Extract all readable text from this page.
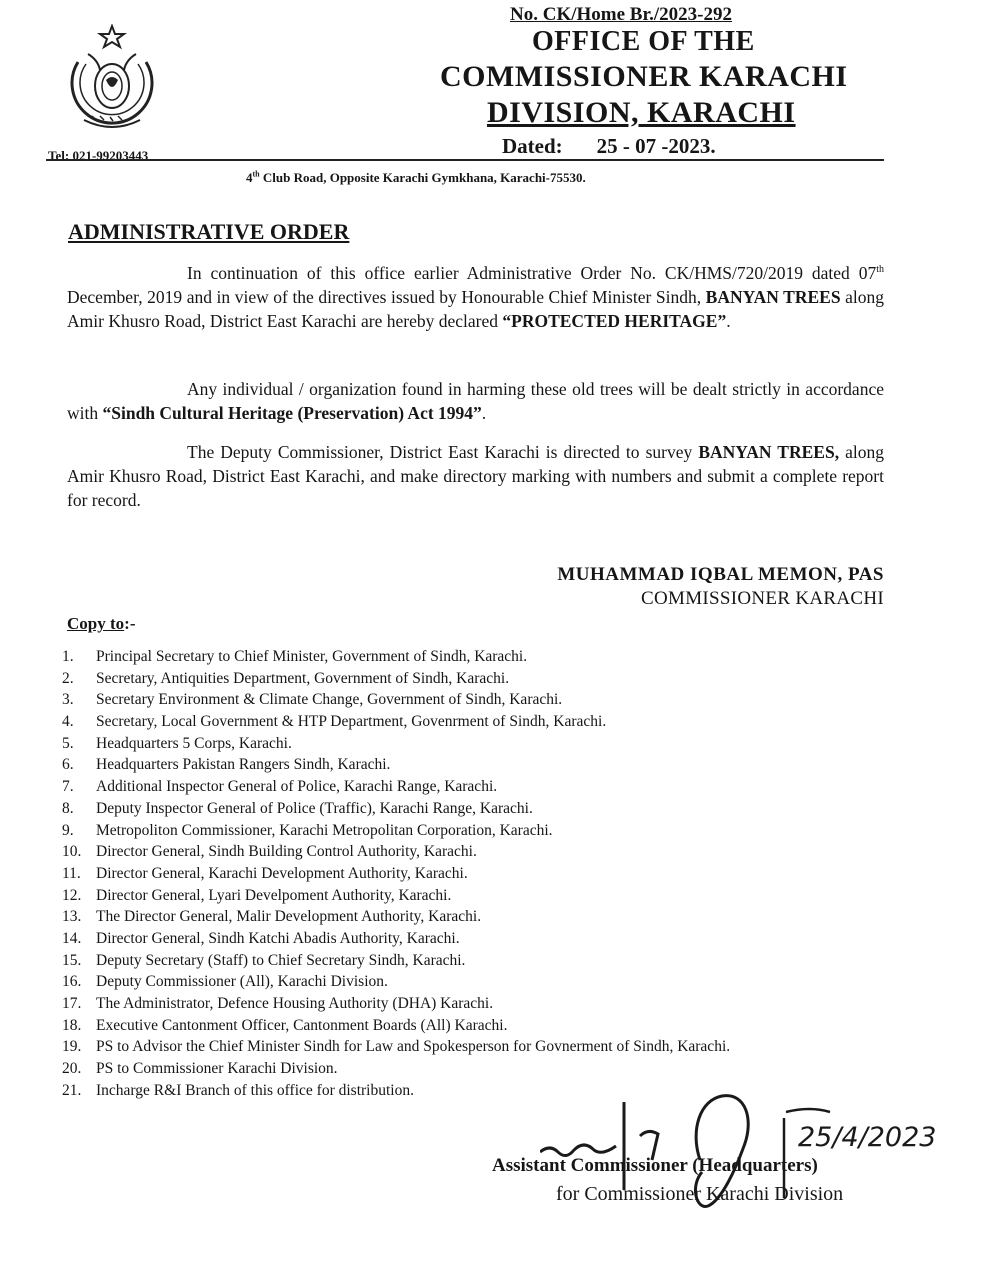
No. CK/Home Br./2023-292
OFFICE OF THE
COMMISSIONER KARACHI
DIVISION, KARACHI
Dated: 25 - 07 -2023.
Tel: 021-99203443
4th Club Road, Opposite Karachi Gymkhana, Karachi-75530.
ADMINISTRATIVE ORDER
In continuation of this office earlier Administrative Order No. CK/HMS/720/2019 dated 07th December, 2019 and in view of the directives issued by Honourable Chief Minister Sindh, BANYAN TREES along Amir Khusro Road, District East Karachi are hereby declared “PROTECTED HERITAGE”.
Any individual / organization found in harming these old trees will be dealt strictly in accordance with “Sindh Cultural Heritage (Preservation) Act 1994”.
The Deputy Commissioner, District East Karachi is directed to survey BANYAN TREES, along Amir Khusro Road, District East Karachi, and make directory marking with numbers and submit a complete report for record.
MUHAMMAD IQBAL MEMON, PAS
COMMISSIONER KARACHI
Copy to:-
1.	Principal Secretary to Chief Minister, Government of Sindh, Karachi.
2.	Secretary, Antiquities Department, Government of Sindh, Karachi.
3.	Secretary Environment & Climate Change, Government of Sindh, Karachi.
4.	Secretary, Local Government & HTP Department, Govenrment of Sindh, Karachi.
5.	Headquarters 5 Corps, Karachi.
6.	Headquarters Pakistan Rangers Sindh, Karachi.
7.	Additional Inspector General of Police, Karachi Range, Karachi.
8.	Deputy Inspector General of Police (Traffic), Karachi Range, Karachi.
9.	Metropoliton Commissioner, Karachi Metropolitan Corporation, Karachi.
10. Director General, Sindh Building Control Authority, Karachi.
11. Director General, Karachi Development Authority, Karachi.
12. Director General, Lyari Develpoment Authority, Karachi.
13. The Director General, Malir Development Authority, Karachi.
14. Director General, Sindh Katchi Abadis Authority, Karachi.
15. Deputy Secretary (Staff) to Chief Secretary Sindh, Karachi.
16. Deputy Commissioner (All), Karachi Division.
17. The Administrator, Defence Housing Authority (DHA) Karachi.
18. Executive Cantonment Officer, Cantonment Boards (All) Karachi.
19. PS to Advisor the Chief Minister Sindh for Law and Spokesperson for Govnerment of Sindh, Karachi.
20. PS to Commissioner Karachi Division.
21. Incharge R&I Branch of this office for distribution.
25/4/2023
Assistant Commissioner (Headquarters)
for Commissioner Karachi Division
